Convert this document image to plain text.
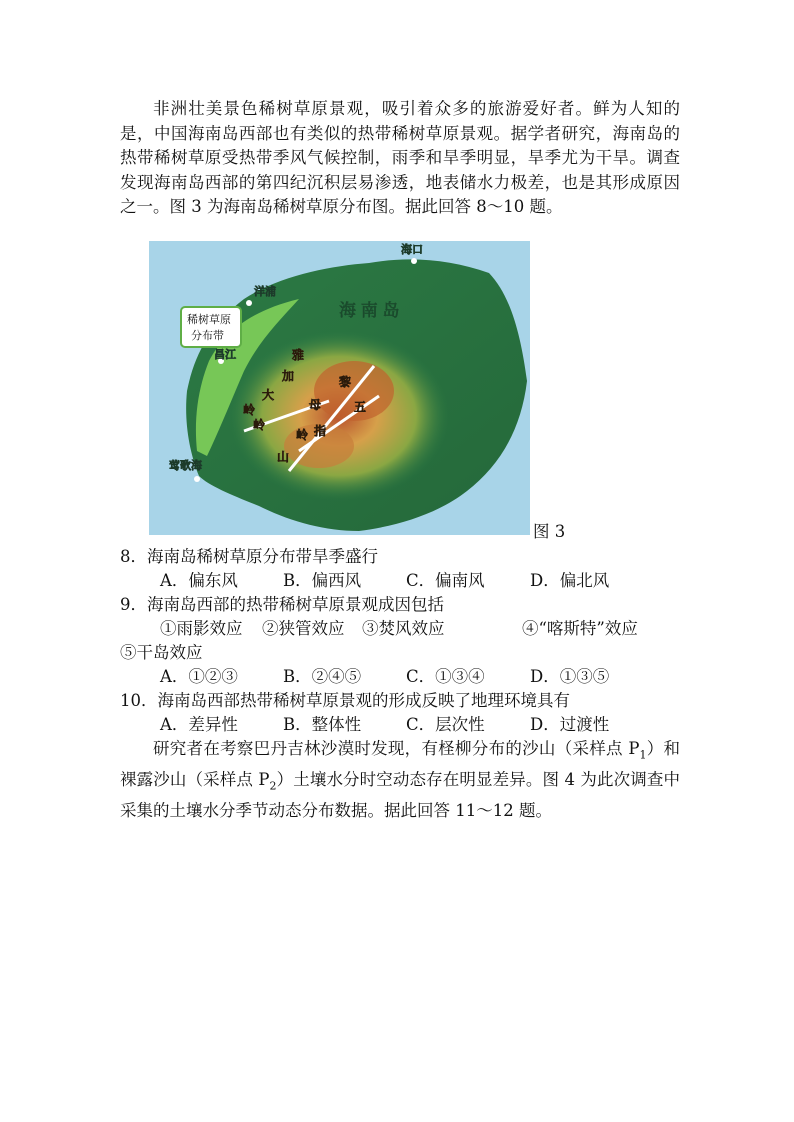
非洲壮美景色稀树草原景观，吸引着众多的旅游爱好者。鲜为人知的是，中国海南岛西部也有类似的热带稀树草原景观。据学者研究，海南岛的热带稀树草原受热带季风气候控制，雨季和旱季明显，旱季尤为干旱。调查发现海南岛西部的第四纪沉积层易渗透，地表储水力极差，也是其形成原因之一。图 3 为海南岛稀树草原分布图。据此回答 8～10 题。

海口
洋浦
昌江
莺歌海
海 南 岛
稀树草原
分布带
雅
加
大
岭
岭
黎
母
岭
五
指
山
图 3
8．海南岛稀树草原分布带旱季盛行
A．偏东风	B．偏西风	C．偏南风	D．偏北风
9．海南岛西部的热带稀树草原景观成因包括
①雨影效应 ②狭管效应 ③焚风效应	④“喀斯特”效应
⑤干岛效应
A．①②③	B．②④⑤	C．①③④	D．①③⑤
10．海南岛西部热带稀树草原景观的形成反映了地理环境具有
A．差异性	B．整体性	C．层次性	D．过渡性

研究者在考察巴丹吉林沙漠时发现，有柽柳分布的沙山（采样点 $P_1$）和裸露沙山（采样点 $P_2$）土壤水分时空动态存在明显差异。图 4 为此次调查中采集的土壤水分季节动态分布数据。据此回答 11～12 题。
